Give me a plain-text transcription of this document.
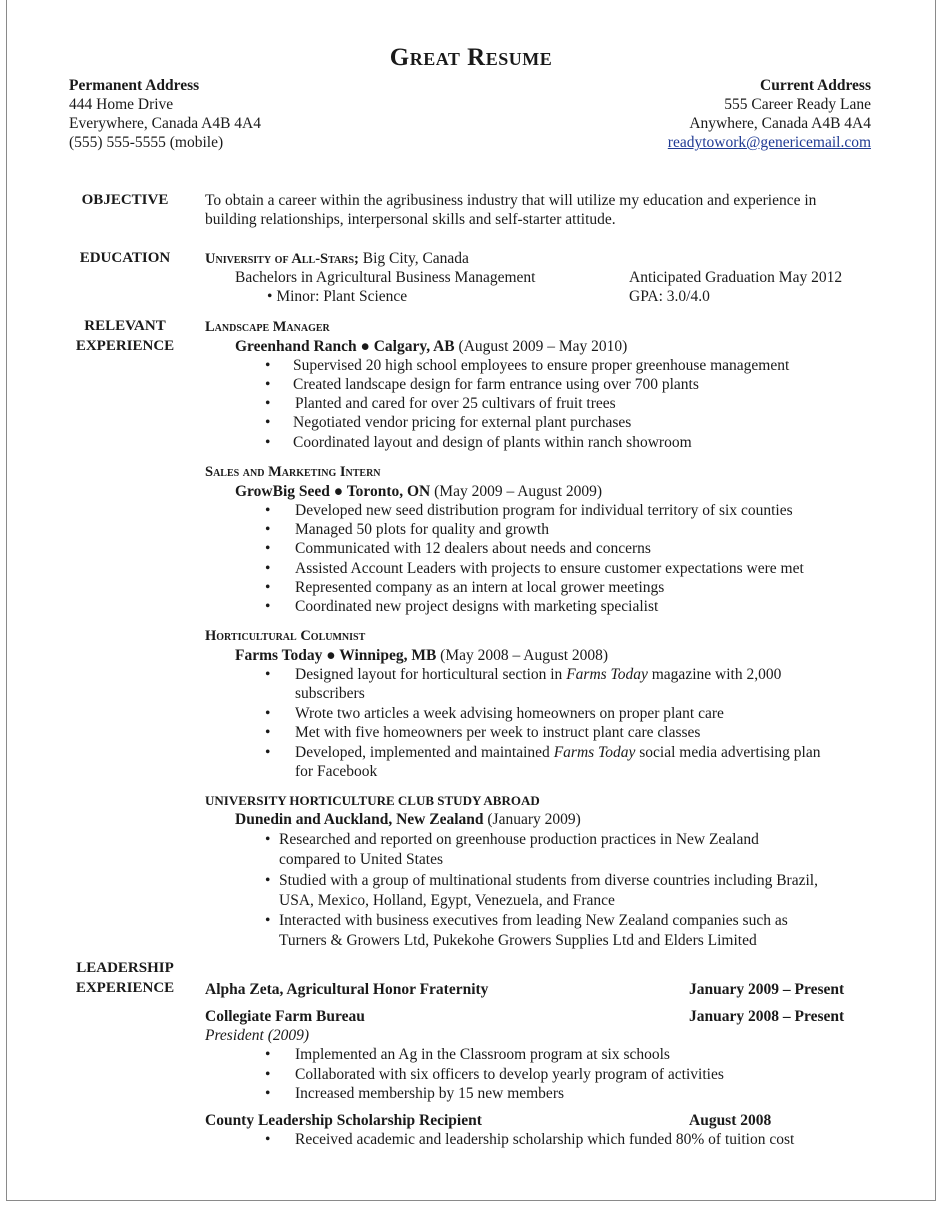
Great Resume
Permanent Address
444 Home Drive
Everywhere, Canada A4B 4A4
(555) 555-5555 (mobile)
Current Address
555 Career Ready Lane
Anywhere, Canada A4B 4A4
readytowork@genericemail.com
OBJECTIVE	To obtain a career within the agribusiness industry that will utilize my education and experience in
building relationships, interpersonal skills and self-starter attitude.
EDUCATION	University of All-Stars; Big City, Canada
Bachelors in Agricultural Business Management	Anticipated Graduation May 2012
• Minor: Plant Science	GPA: 3.0/4.0
RELEVANT
EXPERIENCE
Landscape Manager
Greenhand Ranch ● Calgary, AB (August 2009 – May 2010)
• Supervised 20 high school employees to ensure proper greenhouse management
• Created landscape design for farm entrance using over 700 plants
• Planted and cared for over 25 cultivars of fruit trees
• Negotiated vendor pricing for external plant purchases
• Coordinated layout and design of plants within ranch showroom
Sales and Marketing Intern
GrowBig Seed ● Toronto, ON (May 2009 – August 2009)
• Developed new seed distribution program for individual territory of six counties
• Managed 50 plots for quality and growth
• Communicated with 12 dealers about needs and concerns
• Assisted Account Leaders with projects to ensure customer expectations were met
• Represented company as an intern at local grower meetings
• Coordinated new project designs with marketing specialist
Horticultural Columnist
Farms Today ● Winnipeg, MB (May 2008 – August 2008)
• Designed layout for horticultural section in Farms Today magazine with 2,000
subscribers
• Wrote two articles a week advising homeowners on proper plant care
• Met with five homeowners per week to instruct plant care classes
• Developed, implemented and maintained Farms Today social media advertising plan
for Facebook
UNIVERSITY HORTICULTURE CLUB STUDY ABROAD
Dunedin and Auckland, New Zealand (January 2009)
• Researched and reported on greenhouse production practices in New Zealand
compared to United States
• Studied with a group of multinational students from diverse countries including Brazil,
USA, Mexico, Holland, Egypt, Venezuela, and France
• Interacted with business executives from leading New Zealand companies such as
Turners & Growers Ltd, Pukekohe Growers Supplies Ltd and Elders Limited
LEADERSHIP
EXPERIENCE	Alpha Zeta, Agricultural Honor Fraternity	January 2009 – Present
Collegiate Farm Bureau	January 2008 – Present
President (2009)
• Implemented an Ag in the Classroom program at six schools
• Collaborated with six officers to develop yearly program of activities
• Increased membership by 15 new members
County Leadership Scholarship Recipient	August 2008
• Received academic and leadership scholarship which funded 80% of tuition cost
